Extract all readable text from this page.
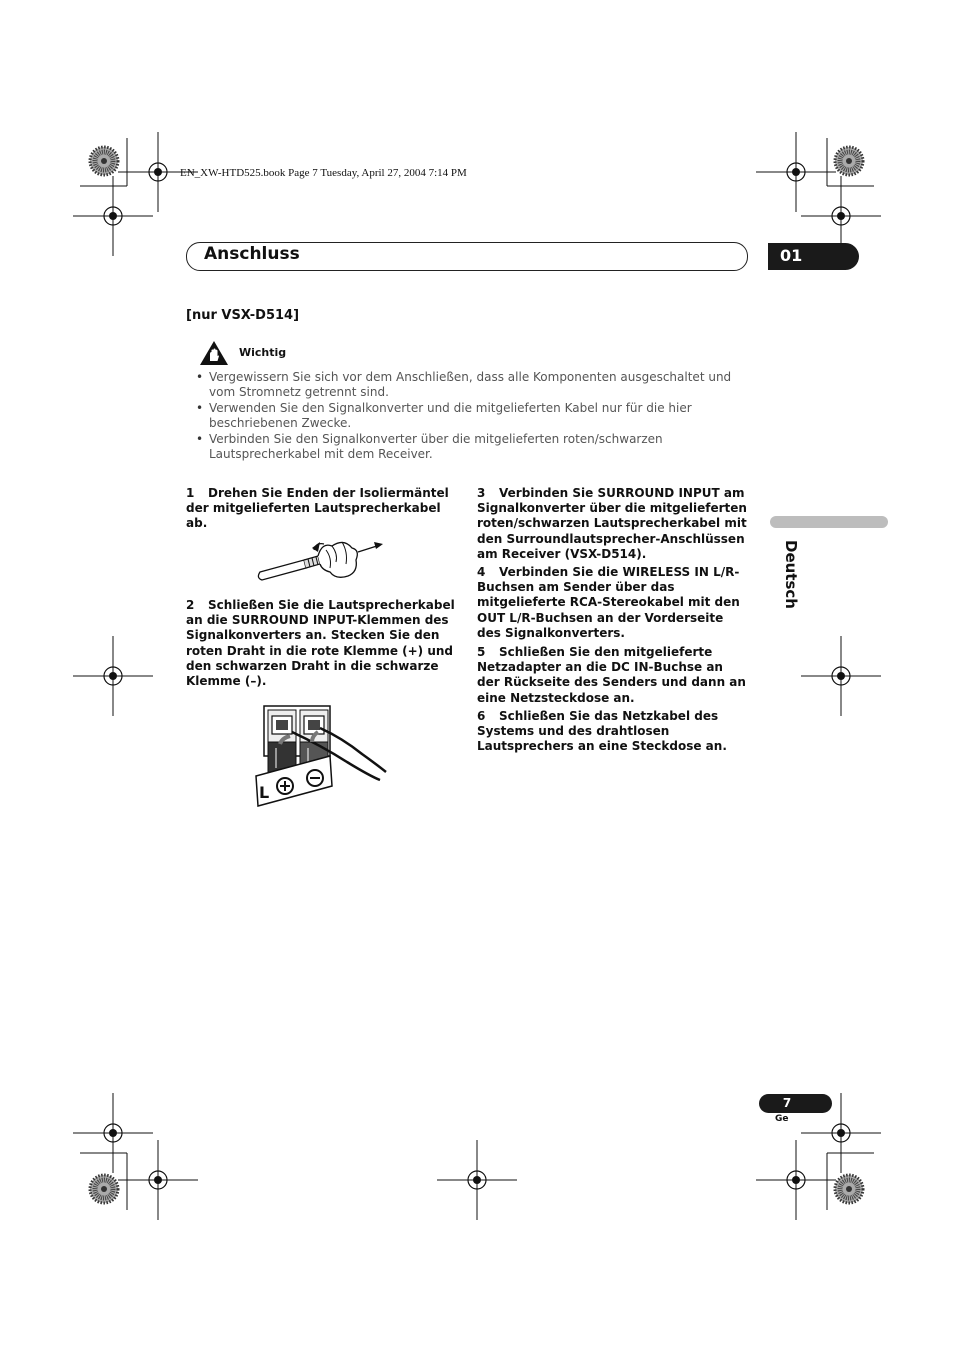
EN_XW-HTD525.book Page 7 Tuesday, April 27, 2004 7:14 PM
Anschluss	01
Deutsch
[nur VSX-D514]
Wichtig
• Vergewissern Sie sich vor dem Anschließen, dass alle Komponenten ausgeschaltet und vom Stromnetz getrennt sind.
• Verwenden Sie den Signalkonverter und die mitgelieferten Kabel nur für die hier beschriebenen Zwecke.
• Verbinden Sie den Signalkonverter über die mitgelieferten roten/schwarzen Lautsprecherkabel mit dem Receiver.
1 Drehen Sie Enden der Isoliermäntel der mitgelieferten Lautsprecherkabel ab.
2 Schließen Sie die Lautsprecherkabel an die SURROUND INPUT-Klemmen des Signalkonverters an. Stecken Sie den roten Draht in die rote Klemme (+) und den schwarzen Draht in die schwarze Klemme (–).
L
3 Verbinden Sie SURROUND INPUT am Signalkonverter über die mitgelieferten roten/schwarzen Lautsprecherkabel mit den Surroundlautsprecher-Anschlüssen am Receiver (VSX-D514).
4 Verbinden Sie die WIRELESS IN L/R-Buchsen am Sender über das mitgelieferte RCA-Stereokabel mit den OUT L/R-Buchsen an der Vorderseite des Signalkonverters.
5 Schließen Sie den mitgelieferte Netzadapter an die DC IN-Buchse an der Rückseite des Senders und dann an eine Netzsteckdose an.
6 Schließen Sie das Netzkabel des Systems und des drahtlosen Lautsprechers an eine Steckdose an.
7
Ge
